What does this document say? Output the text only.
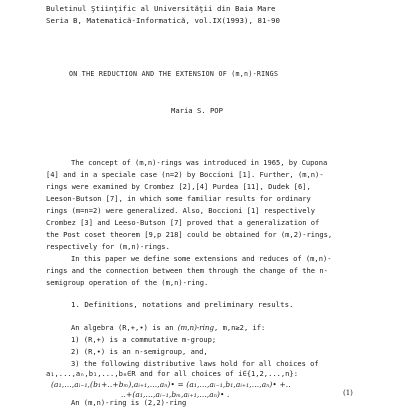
Buletinul Ştiinţific al Universităţii din Baia Mare
Seria B, Matematică-Informatică, vol.IX(1993), 81-90
ON THE REDUCTION AND THE EXTENSION OF (m,n)-RINGS
Maria S. POP
The concept of (m,n)-rings was introduced in 1965, by Cupona
[4] and in a speciale case (n=2) by Boccioni [1]. Further, (m,n)-
rings were examined by Crombez [2],[4] Purdea [11], Dudek [6],
Leeson-Butson [7], in which some familiar results for ordinary
rings (m=n=2) were generalized. Also, Boccioni [1] respectively
Crombez [3] and Leeso-Butson [7] proved that a generalization of
the Post coset theorem [9,p 218] could be obtained for (m,2)-rings,
respectively for (m,n)-rings.
In this paper we define some extensions and reduces of (m,n)-
rings and the connection between them through the change of the n-
semigroup operation of the (m,n)-ring.
1. Definitions, notations and preliminary results.
An algebra (R,+,•) is an (m,n)-ring, m,n≥2, if:
1) (R,+) is a commutative m-group;
2) (R,•) is an n-semigroup, and,
3) the following distributive laws hold for all choices of
a₁,...,aₙ,b₁,...,bₘ∈R and for all choices of i∈{1,2,...,n}:
(a₁,...,aᵢ₋₁,(b₁+..+bₘ),aᵢ₊₁,...,aₙ)• = (a₁,...,aᵢ₋₁,b₁,aᵢ₊₁,...,aₙ)• +..
..+(a₁,...,aᵢ₋₁,bₘ,aᵢ₊₁,...,aₙ)• .	(1)
An (m,n)-ring is (2,2)-ring
